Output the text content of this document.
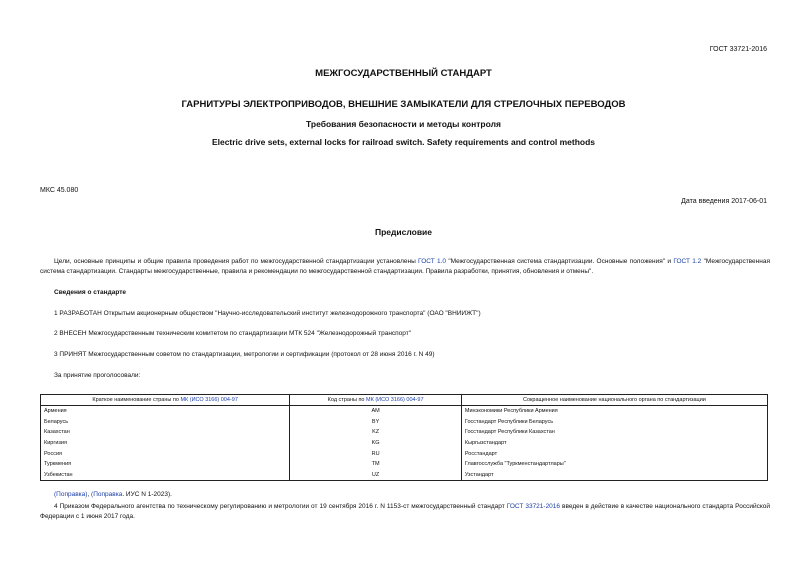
ГОСТ 33721-2016
МЕЖГОСУДАРСТВЕННЫЙ СТАНДАРТ
ГАРНИТУРЫ ЭЛЕКТРОПРИВОДОВ, ВНЕШНИЕ ЗАМЫКАТЕЛИ ДЛЯ СТРЕЛОЧНЫХ ПЕРЕВОДОВ
Требования безопасности и методы контроля
Electric drive sets, external locks for railroad switch. Safety requirements and control methods
МКС 45.080
Дата введения 2017-06-01
Предисловие
Цели, основные принципы и общие правила проведения работ по межгосударственной стандартизации установлены ГОСТ 1.0 "Межгосударственная система стандартизации. Основные положения" и ГОСТ 1.2 "Межгосударственная система стандартизации. Стандарты межгосударственные, правила и рекомендации по межгосударственной стандартизации. Правила разработки, принятия, обновления и отмены".
Сведения о стандарте
1 РАЗРАБОТАН Открытым акционерным обществом "Научно-исследовательский институт железнодорожного транспорта" (ОАО "ВНИИЖТ")
2 ВНЕСЕН Межгосударственным техническим комитетом по стандартизации МТК 524 "Железнодорожный транспорт"
3 ПРИНЯТ Межгосударственным советом по стандартизации, метрологии и сертификации (протокол от 28 июня 2016 г. N 49)
За принятие проголосовали:
Краткое наименование страны по МК (ИСО 3166) 004-97	Код страны по МК (ИСО 3166) 004-97	Сокращенное наименование национального органа по стандартизации
Армения	AM	Минэкономики Республики Армения
Беларусь	BY	Госстандарт Республики Беларусь
Казахстан	KZ	Госстандарт Республики Казахстан
Киргизия	KG	Кыргызстандарт
Россия	RU	Росстандарт
Туркмения	TM	Главгосслужба "Туркменстандартлары"
Узбекистан	UZ	Узстандарт
(Поправка), (Поправка. ИУС N 1-2023).
4 Приказом Федерального агентства по техническому регулированию и метрологии от 19 сентября 2016 г. N 1153-ст межгосударственный стандарт ГОСТ 33721-2016 введен в действие в качестве национального стандарта Российской Федерации с 1 июня 2017 года.
